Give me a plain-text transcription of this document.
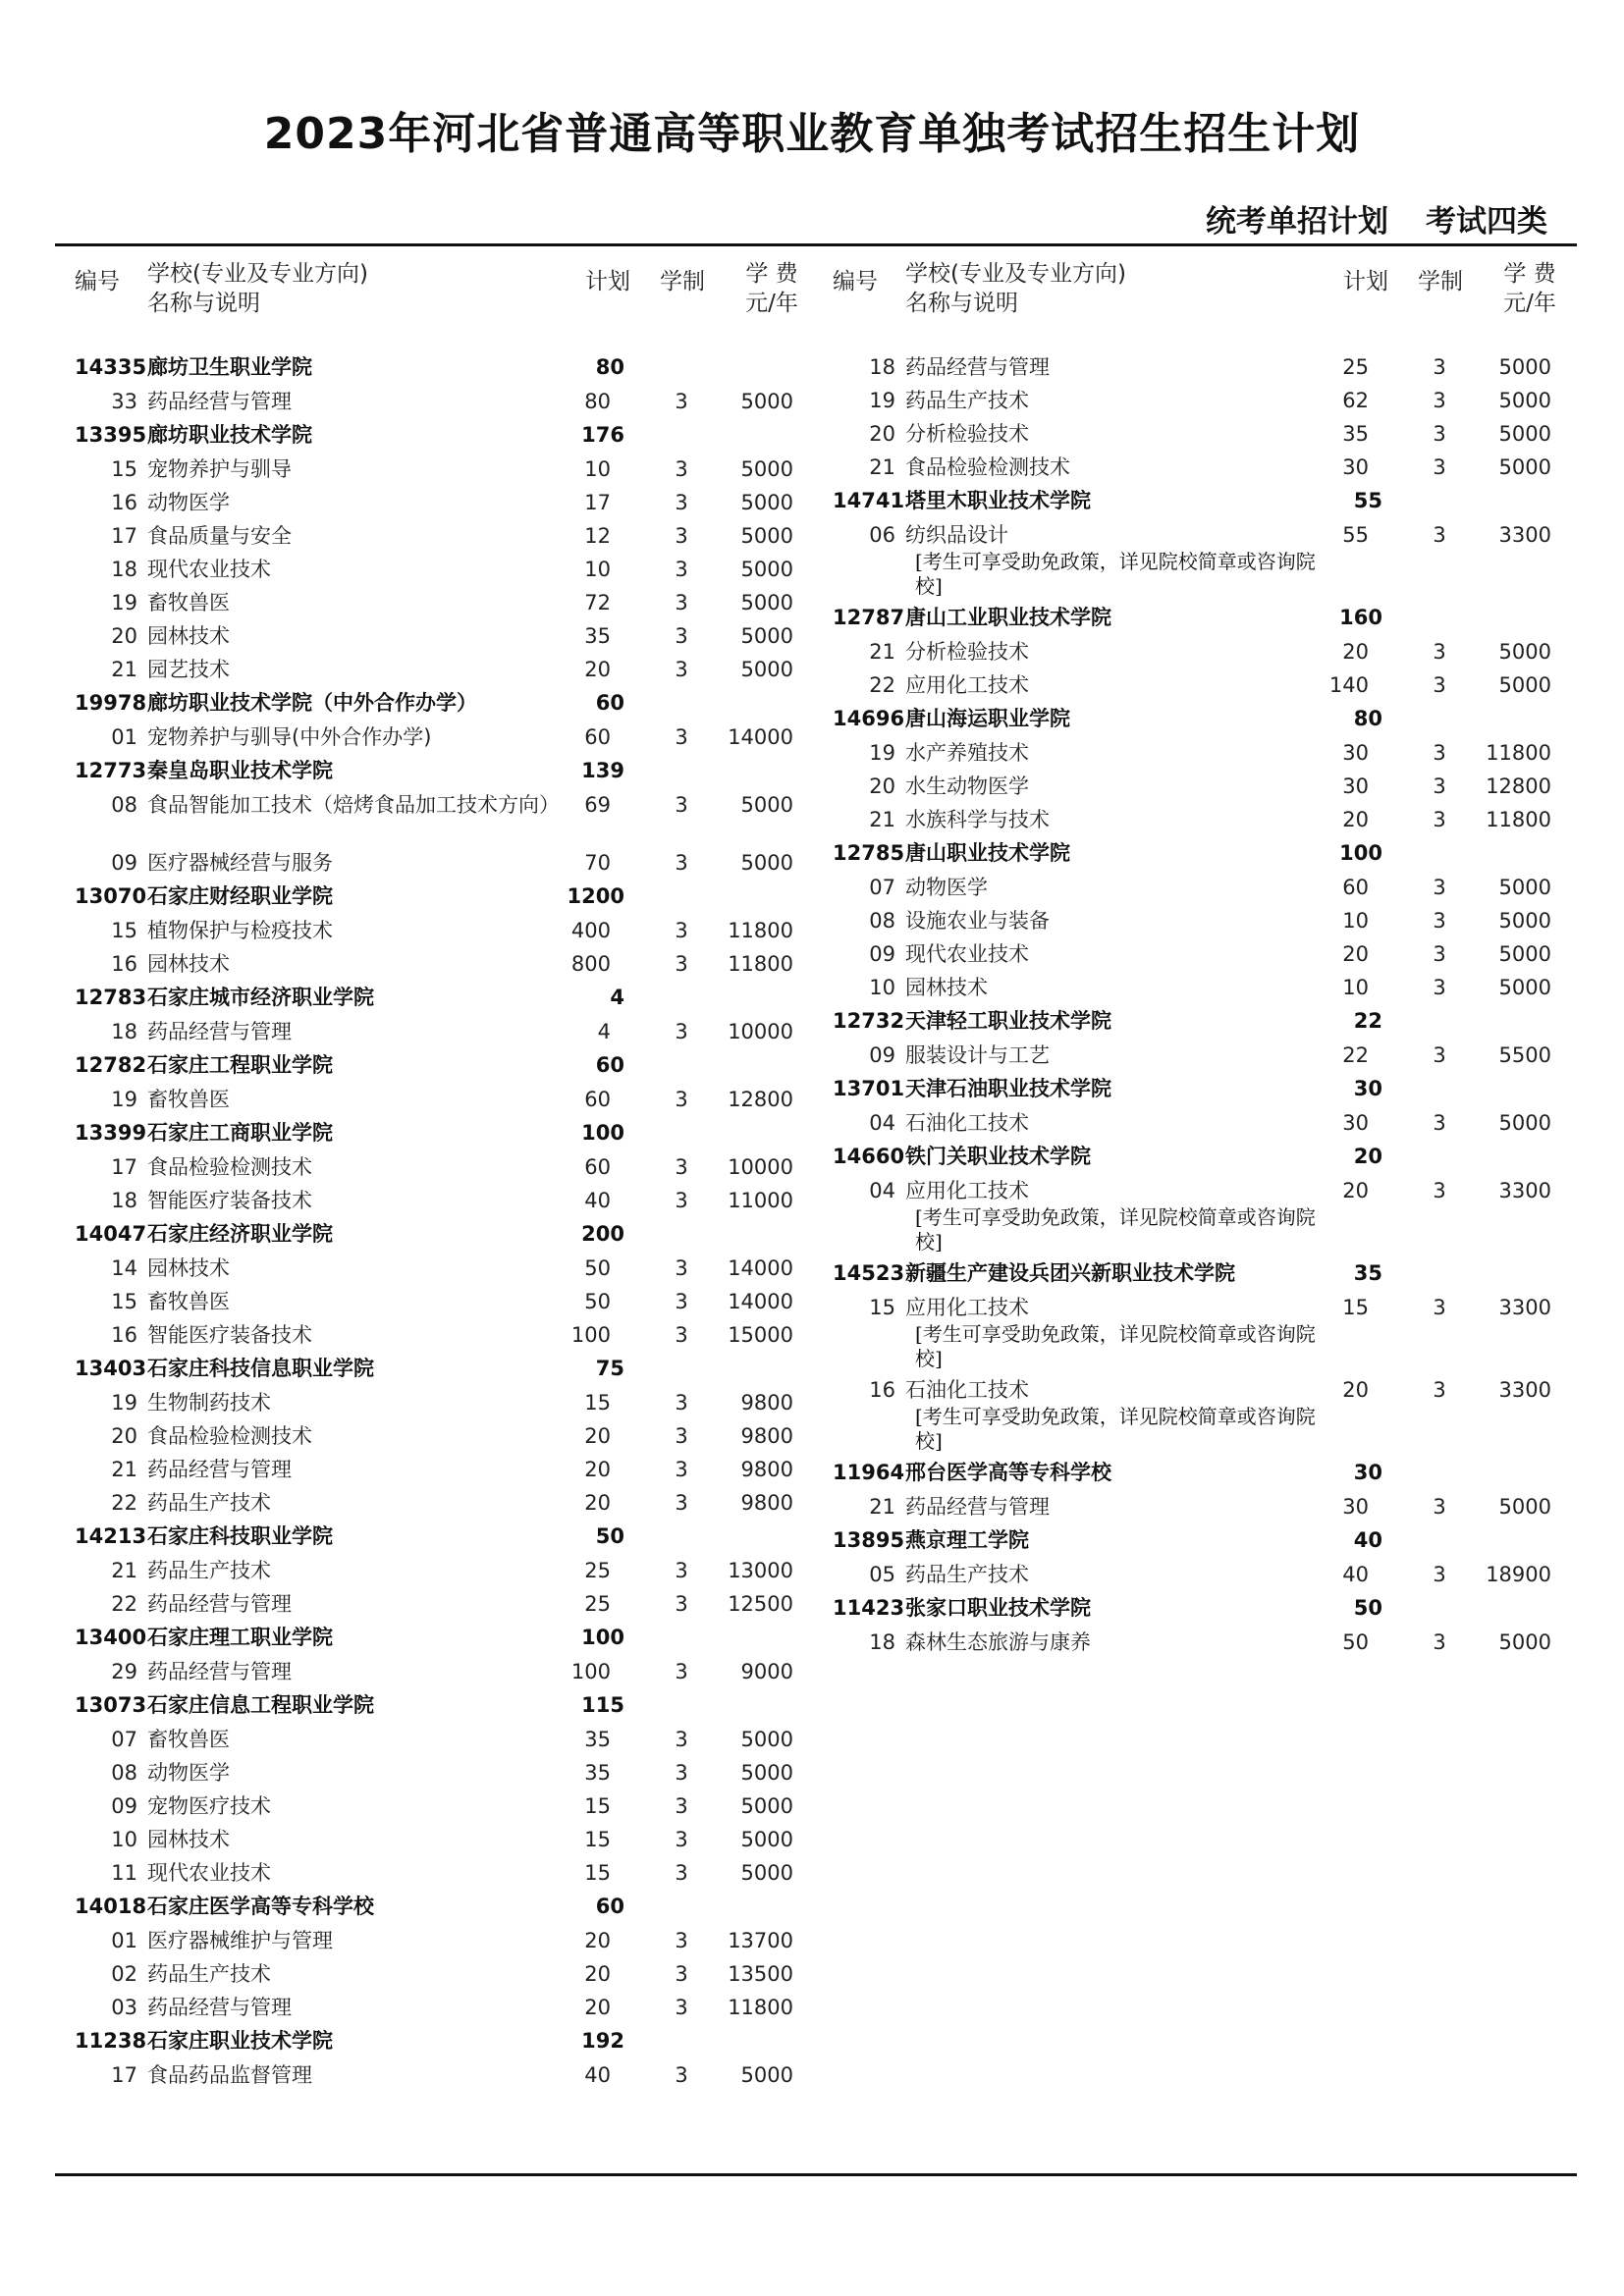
2023年河北省普通高等职业教育单独考试招生招生计划
统考单招计划 考试四类
编号 学校(专业及专业方向)
名称与说明
计划 学制	学 费
元/年
14335 廊坊卫生职业学院	80
33 药品经营与管理	80	3	5000
13395 廊坊职业技术学院	176
15 宠物养护与驯导	10	3	5000
16 动物医学	17	3	5000
17 食品质量与安全	12	3	5000
18 现代农业技术	10	3	5000
19 畜牧兽医	72	3	5000
20 园林技术	35	3	5000
21 园艺技术	20	3	5000
19978 廊坊职业技术学院（中外合作办学）	60
01 宠物养护与驯导(中外合作办学)	60	3	14000
12773 秦皇岛职业技术学院	139
08 食品智能加工技术（焙烤食品加工技术方向）	69	3	5000
09 医疗器械经营与服务	70	3	5000
13070 石家庄财经职业学院	1200
15 植物保护与检疫技术	400	3	11800
16 园林技术	800	3	11800
12783 石家庄城市经济职业学院	4
18 药品经营与管理	4	3	10000
12782 石家庄工程职业学院	60
19 畜牧兽医	60	3	12800
13399 石家庄工商职业学院	100
17 食品检验检测技术	60	3	10000
18 智能医疗装备技术	40	3	11000
14047 石家庄经济职业学院	200
14 园林技术	50	3	14000
15 畜牧兽医	50	3	14000
16 智能医疗装备技术	100	3	15000
13403 石家庄科技信息职业学院	75
19 生物制药技术	15	3	9800
20 食品检验检测技术	20	3	9800
21 药品经营与管理	20	3	9800
22 药品生产技术	20	3	9800
14213 石家庄科技职业学院	50
21 药品生产技术	25	3	13000
22 药品经营与管理	25	3	12500
13400 石家庄理工职业学院	100
29 药品经营与管理	100	3	9000
13073 石家庄信息工程职业学院	115
07 畜牧兽医	35	3	5000
08 动物医学	35	3	5000
09 宠物医疗技术	15	3	5000
10 园林技术	15	3	5000
11 现代农业技术	15	3	5000
14018 石家庄医学高等专科学校	60
01 医疗器械维护与管理	20	3	13700
02 药品生产技术	20	3	13500
03 药品经营与管理	20	3	11800
11238 石家庄职业技术学院	192
17 食品药品监督管理	40	3	5000
编号 学校(专业及专业方向)
名称与说明
计划 学制	学 费
元/年
18 药品经营与管理	25	3	5000
19 药品生产技术	62	3	5000
20 分析检验技术	35	3	5000
21 食品检验检测技术	30	3	5000
14741 塔里木职业技术学院	55
06 纺织品设计	55	3	3300
[考生可享受助免政策，详见院校简章或咨询院校]
12787 唐山工业职业技术学院	160
21 分析检验技术	20	3	5000
22 应用化工技术	140	3	5000
14696 唐山海运职业学院	80
19 水产养殖技术	30	3	11800
20 水生动物医学	30	3	12800
21 水族科学与技术	20	3	11800
12785 唐山职业技术学院	100
07 动物医学	60	3	5000
08 设施农业与装备	10	3	5000
09 现代农业技术	20	3	5000
10 园林技术	10	3	5000
12732 天津轻工职业技术学院	22
09 服装设计与工艺	22	3	5500
13701 天津石油职业技术学院	30
04 石油化工技术	30	3	5000
14660 铁门关职业技术学院	20
04 应用化工技术	20	3	3300
[考生可享受助免政策，详见院校简章或咨询院校]
14523 新疆生产建设兵团兴新职业技术学院	35
15 应用化工技术	15	3	3300
[考生可享受助免政策，详见院校简章或咨询院校]
16 石油化工技术	20	3	3300
[考生可享受助免政策，详见院校简章或咨询院校]
11964 邢台医学高等专科学校	30
21 药品经营与管理	30	3	5000
13895 燕京理工学院	40
05 药品生产技术	40	3	18900
11423 张家口职业技术学院	50
18 森林生态旅游与康养	50	3	5000
